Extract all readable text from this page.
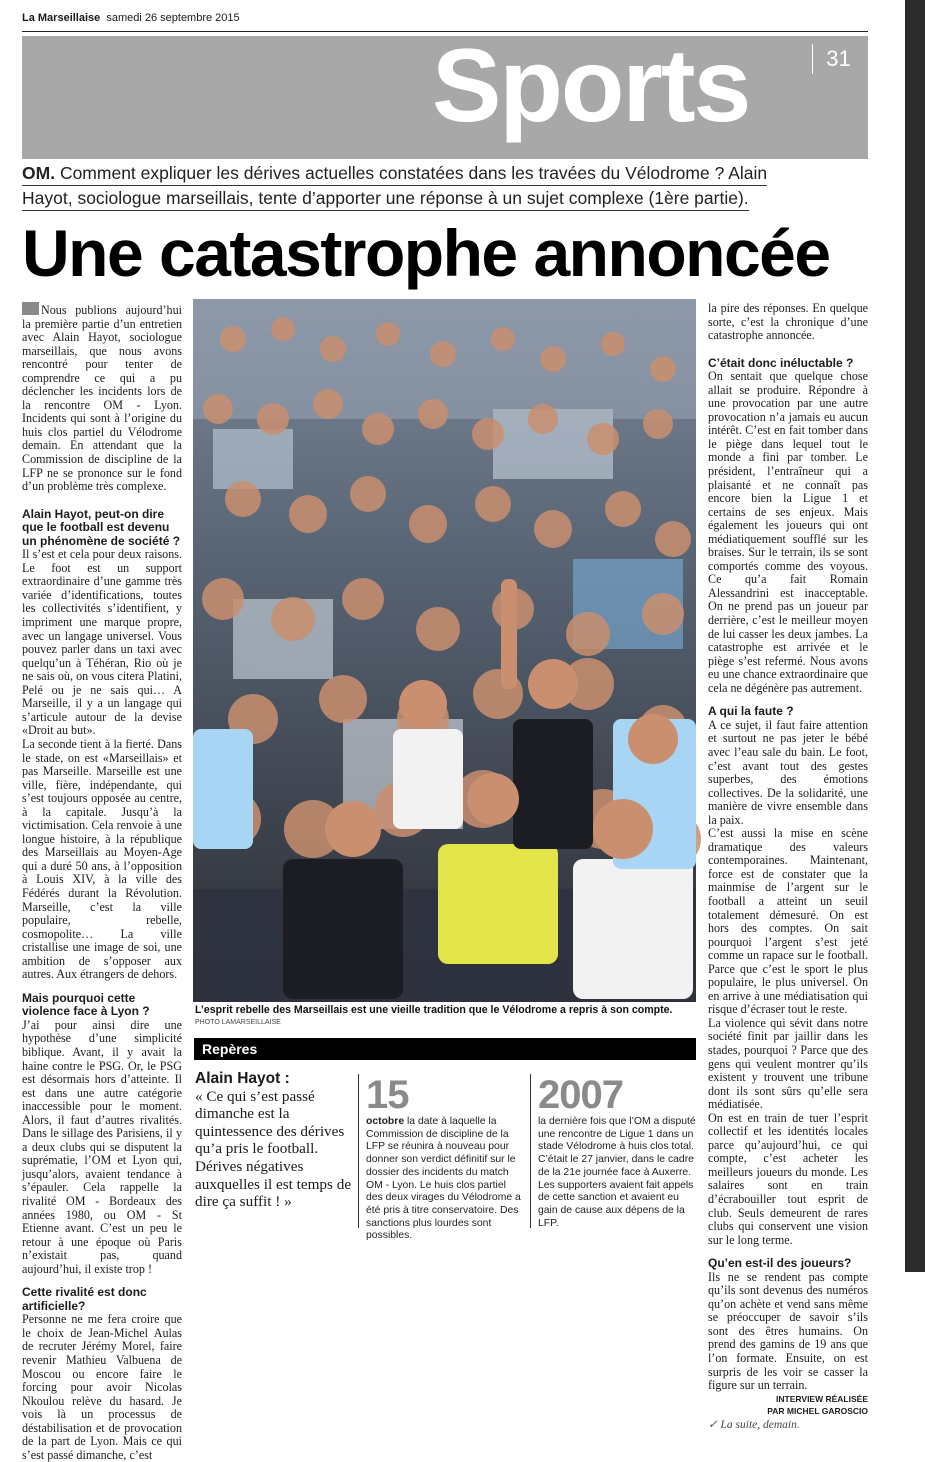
La Marseillaise samedi 26 septembre 2015
Sports	31
OM. Comment expliquer les dérives actuelles constatées dans les travées du Vélodrome ? Alain
Hayot, sociologue marseillais, tente d’apporter une réponse à un sujet complexe (1ère partie).
Une catastrophe annoncée

Nous publions aujourd’hui la première partie d’un entretien avec Alain Hayot, sociologue marseillais, que nous avons rencontré pour tenter de comprendre ce qui a pu déclencher les incidents lors de la rencontre OM - Lyon. Incidents qui sont à l’origine du huis clos partiel du Vélodrome demain. En attendant que la Commission de discipline de la LFP ne se prononce sur le fond d’un problème très complexe.

Alain Hayot, peut-on dire que le football est devenu un phénomène de société ?

Il s’est et cela pour deux raisons. Le foot est un support extraordinaire d’une gamme très variée d’identifications, toutes les collectivités s’identifient, y impriment une marque propre, avec un langage universel. Vous pouvez parler dans un taxi avec quelqu’un à Téhéran, Rio où je ne sais où, on vous citera Platini, Pelé ou je ne sais qui… A Marseille, il y a un langage qui s’articule autour de la devise «Droit au but».

La seconde tient à la fierté. Dans le stade, on est «Marseillais» et pas Marseille. Marseille est une ville, fière, indépendante, qui s’est toujours opposée au centre, à la capitale. Jusqu’à la victimisation. Cela renvoie à une longue histoire, à la république des Marseillais au Moyen-Age qui a duré 50 ans, à l’opposition à Louis XIV, à la ville des Fédérés durant la Révolution. Marseille, c’est la ville populaire, rebelle, cosmopolite… La ville cristallise une image de soi, une ambition de s’opposer aux autres. Aux étrangers de dehors.

Mais pourquoi cette violence face à Lyon ?

J’ai pour ainsi dire une hypothèse d’une simplicité biblique. Avant, il y avait la haine contre le PSG. Or, le PSG est désormais hors d’atteinte. Il est dans une autre catégorie inaccessible pour le moment. Alors, il faut d’autres rivalités. Dans le sillage des Parisiens, il y a deux clubs qui se disputent la suprématie, l’OM et Lyon qui, jusqu’alors, avaient tendance à s’épauler. Cela rappelle la rivalité OM - Bordeaux des années 1980, ou OM - St Etienne avant. C’est un peu le retour à une époque où Paris n’existait pas, quand aujourd’hui, il existe trop !

Cette rivalité est donc artificielle?

Personne ne me fera croire que le choix de Jean-Michel Aulas de recruter Jérémy Morel, faire revenir Mathieu Valbuena de Moscou ou encore faire le forcing pour avoir Nicolas Nkoulou relève du hasard. Je vois là un processus de déstabilisation et de provocation de la part de Lyon. Mais ce qui s’est passé dimanche, c’est

L’esprit rebelle des Marseillais est une vieille tradition que le Vélodrome a repris à son compte.
PHOTO LAMARSEILLAISE
Repères
Alain Hayot :
« Ce qui s’est passé dimanche est la quintessence des dérives qu’a pris le football. Dérives négatives auxquelles il est temps de dire ça suffit ! »
15
octobre la date à laquelle la Commission de discipline de la LFP se réunira à nouveau pour donner son verdict définitif sur le dossier des incidents du match OM - Lyon. Le huis clos partiel des deux virages du Vélodrome a été pris à titre conservatoire. Des sanctions plus lourdes sont possibles.
2007
la dernière fois que l’OM a disputé une rencontre de Ligue 1 dans un stade Vélodrome à huis clos total. C’était le 27 janvier, dans le cadre de la 21e journée face à Auxerre. Les supporters avaient fait appels de cette sanction et avaient eu gain de cause aux dépens de la LFP.

la pire des réponses. En quelque sorte, c’est la chronique d’une catastrophe annoncée.

C’était donc inéluctable ?

On sentait que quelque chose allait se produire. Répondre à une provocation par une autre provocation n’a jamais eu aucun intérêt. C’est en fait tomber dans le piège dans lequel tout le monde a fini par tomber. Le président, l’entraîneur qui a plaisanté et ne connaît pas encore bien la Ligue 1 et certains de ses enjeux. Mais également les joueurs qui ont médiatiquement soufflé sur les braises. Sur le terrain, ils se sont comportés comme des voyous. Ce qu’a fait Romain Alessandrini est inacceptable. On ne prend pas un joueur par derrière, c’est le meilleur moyen de lui casser les deux jambes. La catastrophe est arrivée et le piège s’est refermé. Nous avons eu une chance extraordinaire que cela ne dégénère pas autrement.

A qui la faute ?

A ce sujet, il faut faire attention et surtout ne pas jeter le bébé avec l’eau sale du bain. Le foot, c’est avant tout des gestes superbes, des émotions collectives. De la solidarité, une manière de vivre ensemble dans la paix.

C’est aussi la mise en scène dramatique des valeurs contemporaines. Maintenant, force est de constater que la mainmise de l’argent sur le football a atteint un seuil totalement démesuré. On est hors des comptes. On sait pourquoi l’argent s’est jeté comme un rapace sur le football. Parce que c’est le sport le plus populaire, le plus universel. On en arrive à une médiatisation qui risque d’écraser tout le reste.

La violence qui sévit dans notre société finit par jaillir dans les stades, pourquoi ? Parce que des gens qui veulent montrer qu’ils existent y trouvent une tribune dont ils sont sûrs qu’elle sera médiatisée.

On est en train de tuer l’esprit collectif et les identités locales parce qu’aujourd’hui, ce qui compte, c’est acheter les meilleurs joueurs du monde. Les salaires sont en train d’écrabouiller tout esprit de club. Seuls demeurent de rares clubs qui conservent une vision sur le long terme.

Qu’en est-il des joueurs?

Ils ne se rendent pas compte qu’ils sont devenus des numéros qu’on achète et vend sans même se préoccuper de savoir s’ils sont des êtres humains. On prend des gamins de 19 ans que l’on formate. Ensuite, on est surpris de les voir se casser la figure sur un terrain.

INTERVIEW RÉALISÉE
PAR MICHEL GAROSCIO
✓ La suite, demain.
